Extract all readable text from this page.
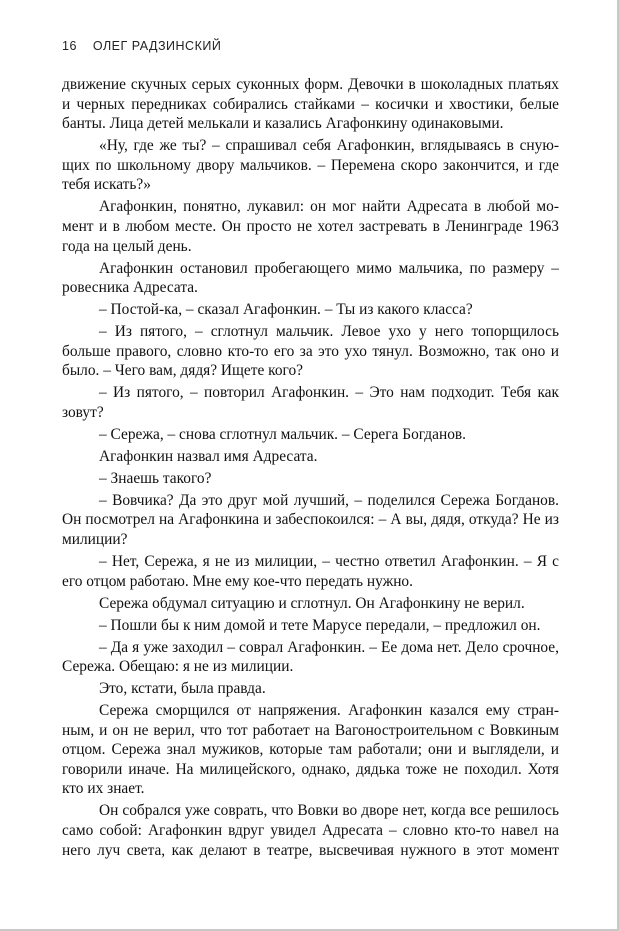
16 ОЛЕГ РАДЗИНСКИЙ

движение скучных серых суконных форм. Девочки в шоколадных платьях и черных передниках собирались стайками – косички и хвостики, белые банты. Лица детей мелькали и казались Агафонкину одинаковыми.

«Ну, где же ты? – спрашивал себя Агафонкин, вглядываясь в снующих по школьному двору мальчиков. – Перемена скоро закончится, и где тебя искать?»

Агафонкин, понятно, лукавил: он мог найти Адресата в любой момент и в любом месте. Он просто не хотел застревать в Ленинграде 1963 года на целый день.

Агафонкин остановил пробегающего мимо мальчика, по размеру – ровесника Адресата.

– Постой-ка, – сказал Агафонкин. – Ты из какого класса?

– Из пятого, – сглотнул мальчик. Левое ухо у него топорщилось больше правого, словно кто-то его за это ухо тянул. Возможно, так оно и было. – Чего вам, дядя? Ищете кого?

– Из пятого, – повторил Агафонкин. – Это нам подходит. Тебя как зовут?

– Сережа, – снова сглотнул мальчик. – Серега Богданов.

Агафонкин назвал имя Адресата.

– Знаешь такого?

– Вовчика? Да это друг мой лучший, – поделился Сережа Богданов. Он посмотрел на Агафонкина и забеспокоился: – А вы, дядя, откуда? Не из милиции?

– Нет, Сережа, я не из милиции, – честно ответил Агафонкин. – Я с его отцом работаю. Мне ему кое-что передать нужно.

Сережа обдумал ситуацию и сглотнул. Он Агафонкину не верил.

– Пошли бы к ним домой и тете Марусе передали, – предложил он.

– Да я уже заходил – соврал Агафонкин. – Ее дома нет. Дело срочное, Сережа. Обещаю: я не из милиции.

Это, кстати, была правда.

Сережа сморщился от напряжения. Агафонкин казался ему странным, и он не верил, что тот работает на Вагоностроительном с Вовкиным отцом. Сережа знал мужиков, которые там работали; они и выглядели, и говорили иначе. На милицейского, однако, дядька тоже не походил. Хотя кто их знает.

Он собрался уже соврать, что Вовки во дворе нет, когда все решилось само собой: Агафонкин вдруг увидел Адресата – словно кто-то навел на него луч света, как делают в театре, высвечивая нужного в этот момент
